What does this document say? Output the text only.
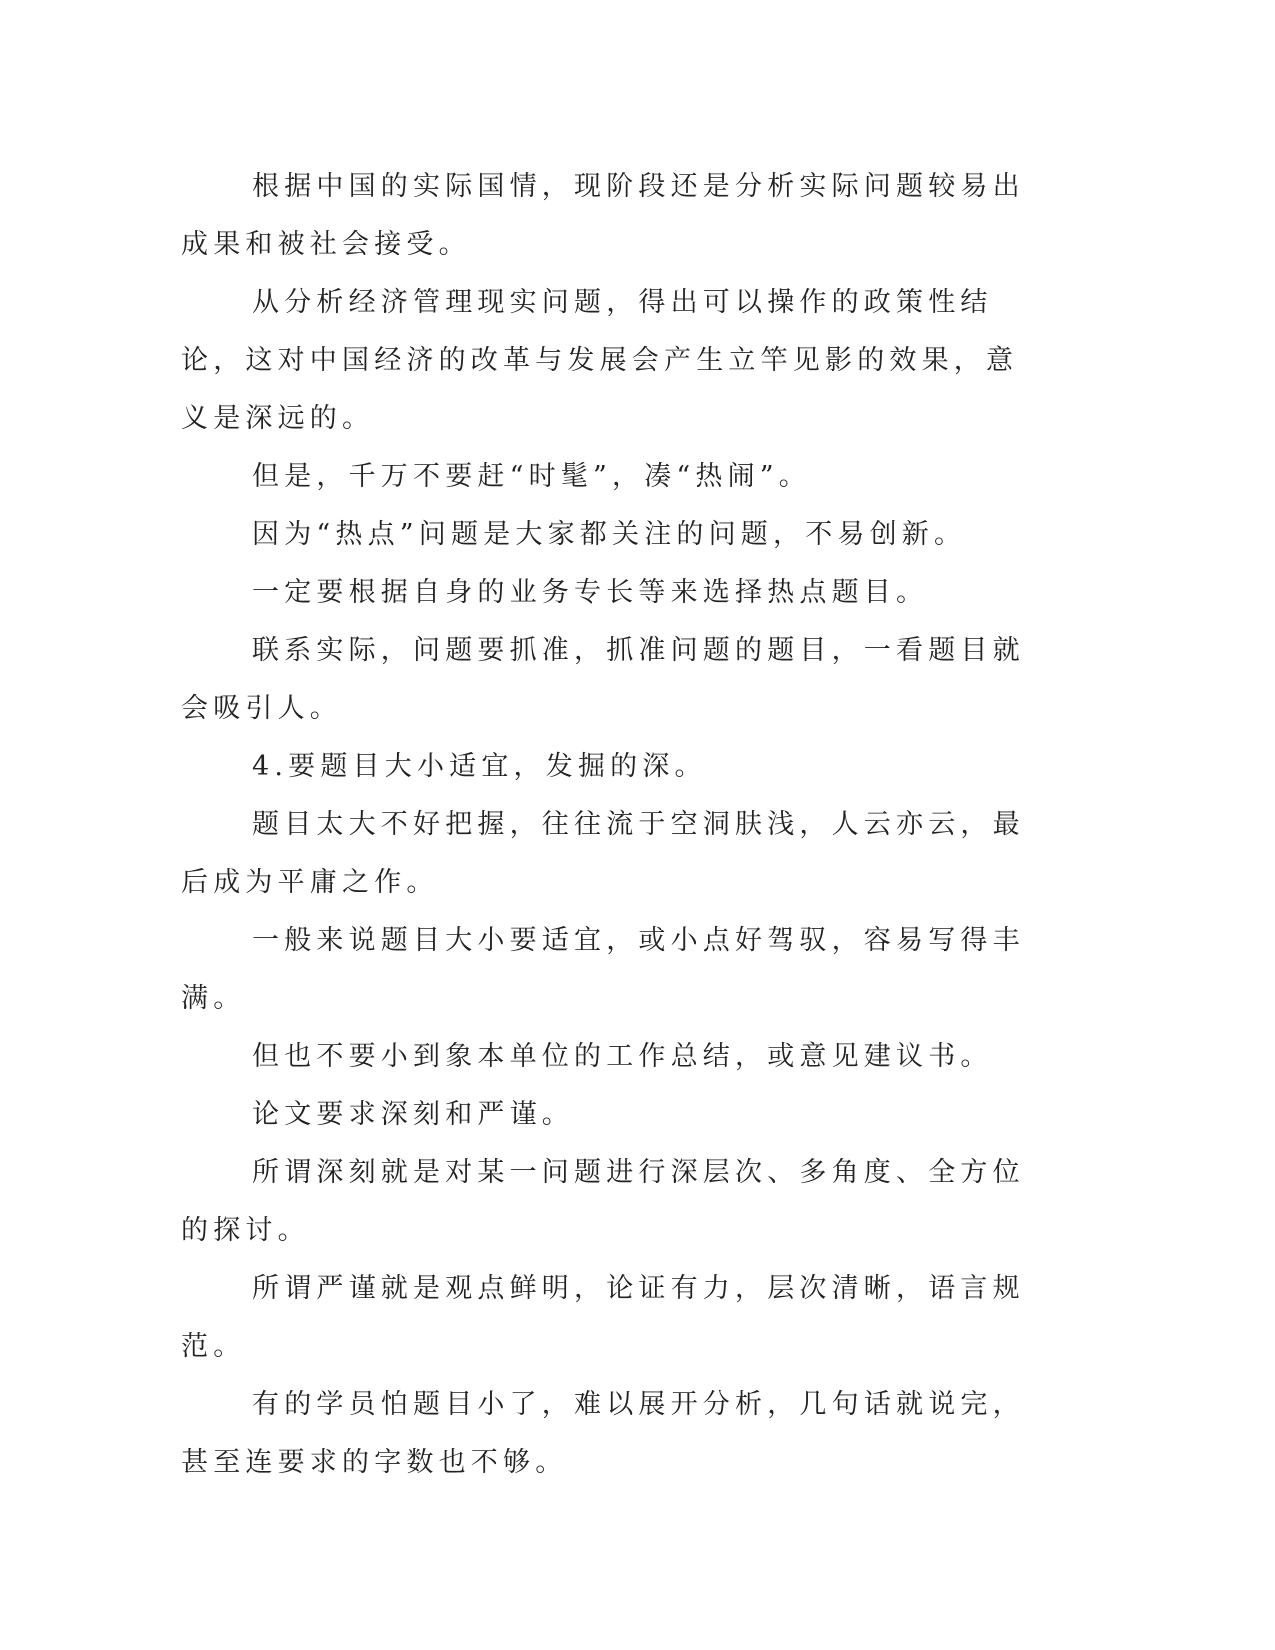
根据中国的实际国情，现阶段还是分析实际问题较易出成果和被社会接受。

从分析经济管理现实问题，得出可以操作的政策性结论，这对中国经济的改革与发展会产生立竿见影的效果，意义是深远的。

但是，千万不要赶“时髦”，凑“热闹”。

因为“热点”问题是大家都关注的问题，不易创新。

一定要根据自身的业务专长等来选择热点题目。

联系实际，问题要抓准，抓准问题的题目，一看题目就会吸引人。

4.要题目大小适宜，发掘的深。

题目太大不好把握，往往流于空洞肤浅，人云亦云，最后成为平庸之作。

一般来说题目大小要适宜，或小点好驾驭，容易写得丰满。

但也不要小到象本单位的工作总结，或意见建议书。

论文要求深刻和严谨。

所谓深刻就是对某一问题进行深层次、多角度、全方位的探讨。

所谓严谨就是观点鲜明，论证有力，层次清晰，语言规范。

有的学员怕题目小了，难以展开分析，几句话就说完，甚至连要求的字数也不够。
